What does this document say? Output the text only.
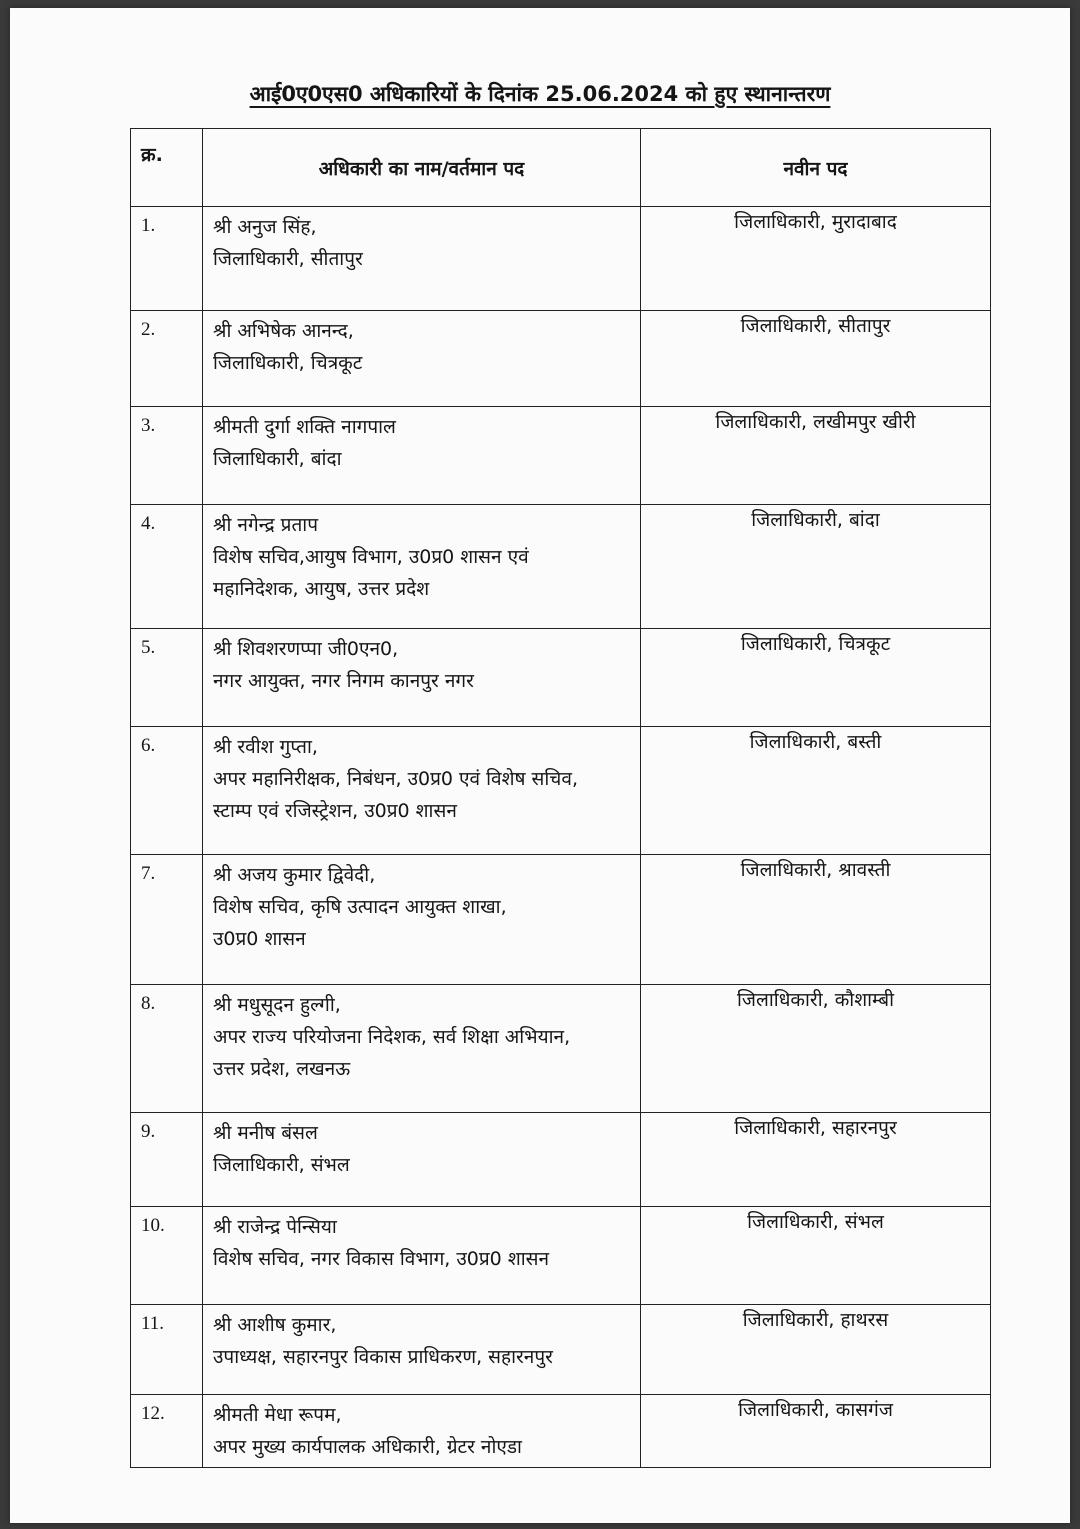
आई0ए0एस0 अधिकारियों के दिनांक 25.06.2024 को हुए स्थानान्तरण
क्र.	अधिकारी का नाम/वर्तमान पद	नवीन पद
1.	श्री अनुज सिंह,
जिलाधिकारी, सीतापुर	जिलाधिकारी, मुरादाबाद
2.	श्री अभिषेक आनन्द,
जिलाधिकारी, चित्रकूट	जिलाधिकारी, सीतापुर
3.	श्रीमती दुर्गा शक्ति नागपाल
जिलाधिकारी, बांदा	जिलाधिकारी, लखीमपुर खीरी
4.	श्री नगेन्द्र प्रताप
विशेष सचिव,आयुष विभाग, उ0प्र0 शासन एवं
महानिदेशक, आयुष, उत्तर प्रदेश	जिलाधिकारी, बांदा
5.	श्री शिवशरणप्पा जी0एन0,
नगर आयुक्त, नगर निगम कानपुर नगर	जिलाधिकारी, चित्रकूट
6.	श्री रवीश गुप्ता,
अपर महानिरीक्षक, निबंधन, उ0प्र0 एवं विशेष सचिव,
स्टाम्प एवं रजिस्ट्रेशन, उ0प्र0 शासन	जिलाधिकारी, बस्ती
7.	श्री अजय कुमार द्विवेदी,
विशेष सचिव, कृषि उत्पादन आयुक्त शाखा,
उ0प्र0 शासन	जिलाधिकारी, श्रावस्ती
8.	श्री मधुसूदन हुल्गी,
अपर राज्य परियोजना निदेशक, सर्व शिक्षा अभियान,
उत्तर प्रदेश, लखनऊ	जिलाधिकारी, कौशाम्बी
9.	श्री मनीष बंसल
जिलाधिकारी, संभल	जिलाधिकारी, सहारनपुर
10.	श्री राजेन्द्र पेन्सिया
विशेष सचिव, नगर विकास विभाग, उ0प्र0 शासन	जिलाधिकारी, संभल
11.	श्री आशीष कुमार,
उपाध्यक्ष, सहारनपुर विकास प्राधिकरण, सहारनपुर	जिलाधिकारी, हाथरस
12.	श्रीमती मेधा रूपम,
अपर मुख्य कार्यपालक अधिकारी, ग्रेटर नोएडा	जिलाधिकारी, कासगंज
